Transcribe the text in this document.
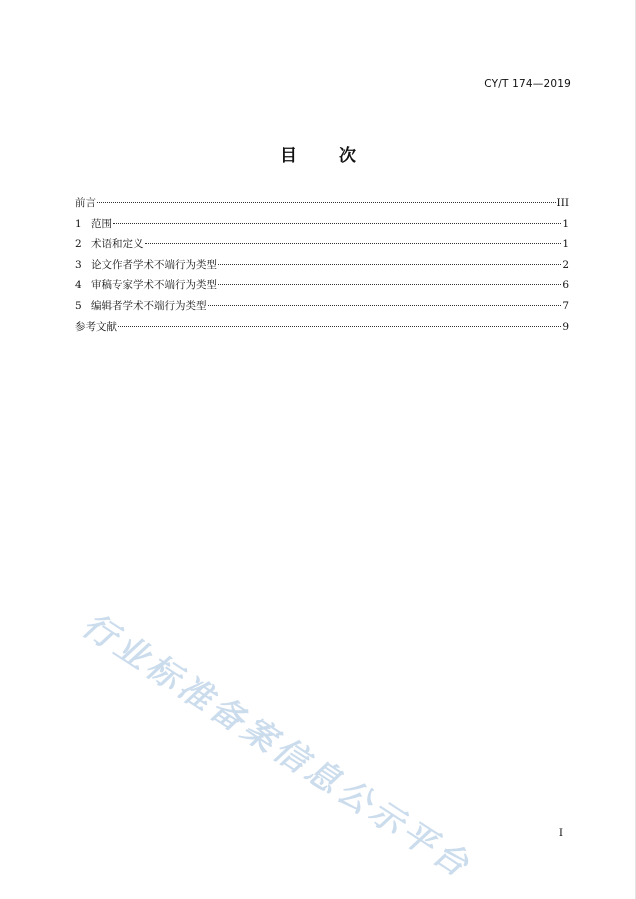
CY/T 174—2019
目 次
前言	III
1 范围	1
2 术语和定义	1
3 论文作者学术不端行为类型	2
4 审稿专家学术不端行为类型	6
5 编辑者学术不端行为类型	7
参考文献	9
行业标准备案信息公示平台	I
